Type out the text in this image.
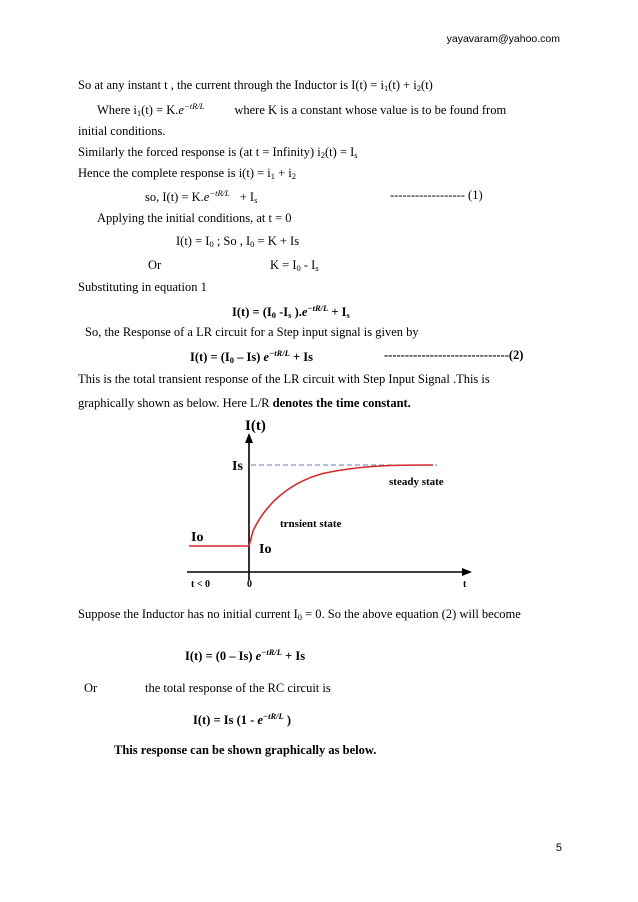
yayavaram@yahoo.com
So at any instant t , the current through the Inductor is $I(t) = i_1(t) + i_2(t)$
Where $i_1(t) = K.e^{-tR/L}$ where K is a constant whose value is to be found from
initial conditions.
Similarly the forced response is (at t = Infinity) $i_2(t) = I_s$
Hence the complete response is $i(t) = i_1 + i_2$
so, $I(t) = K.e^{-tR/L} + I_s$	------------------ (1)
Applying the initial conditions, at t = 0
$I(t) = I_0$ ; So , $I_0 = K + Is$
Or	$K = I_0 - I_s$
Substituting in equation 1
$I(t) = (I_0$ $-I_s$ )$.e^{-tR/L} + I_s$
So, the Response of a LR circuit for a Step input signal is given by
$I(t) = (I_0 - Is) e^{-tR/L} + Is$	------------------------------(2)
This is the total transient response of the LR circuit with Step Input Signal .This is
graphically shown as below. Here L/R denotes the time constant.
I(t)
Is
Io
Io
steady state
trnsient state
t < 0	0	t
Suppose the Inductor has no initial current $I_0 = 0$. So the above equation (2) will become
I(t) = (0 – Is) $e^{-tR/L} + Is$
Or	the total response of the RC circuit is
I(t) = Is ($1 - e^{-tR/L}$ )
This response can be shown graphically as below.
5
